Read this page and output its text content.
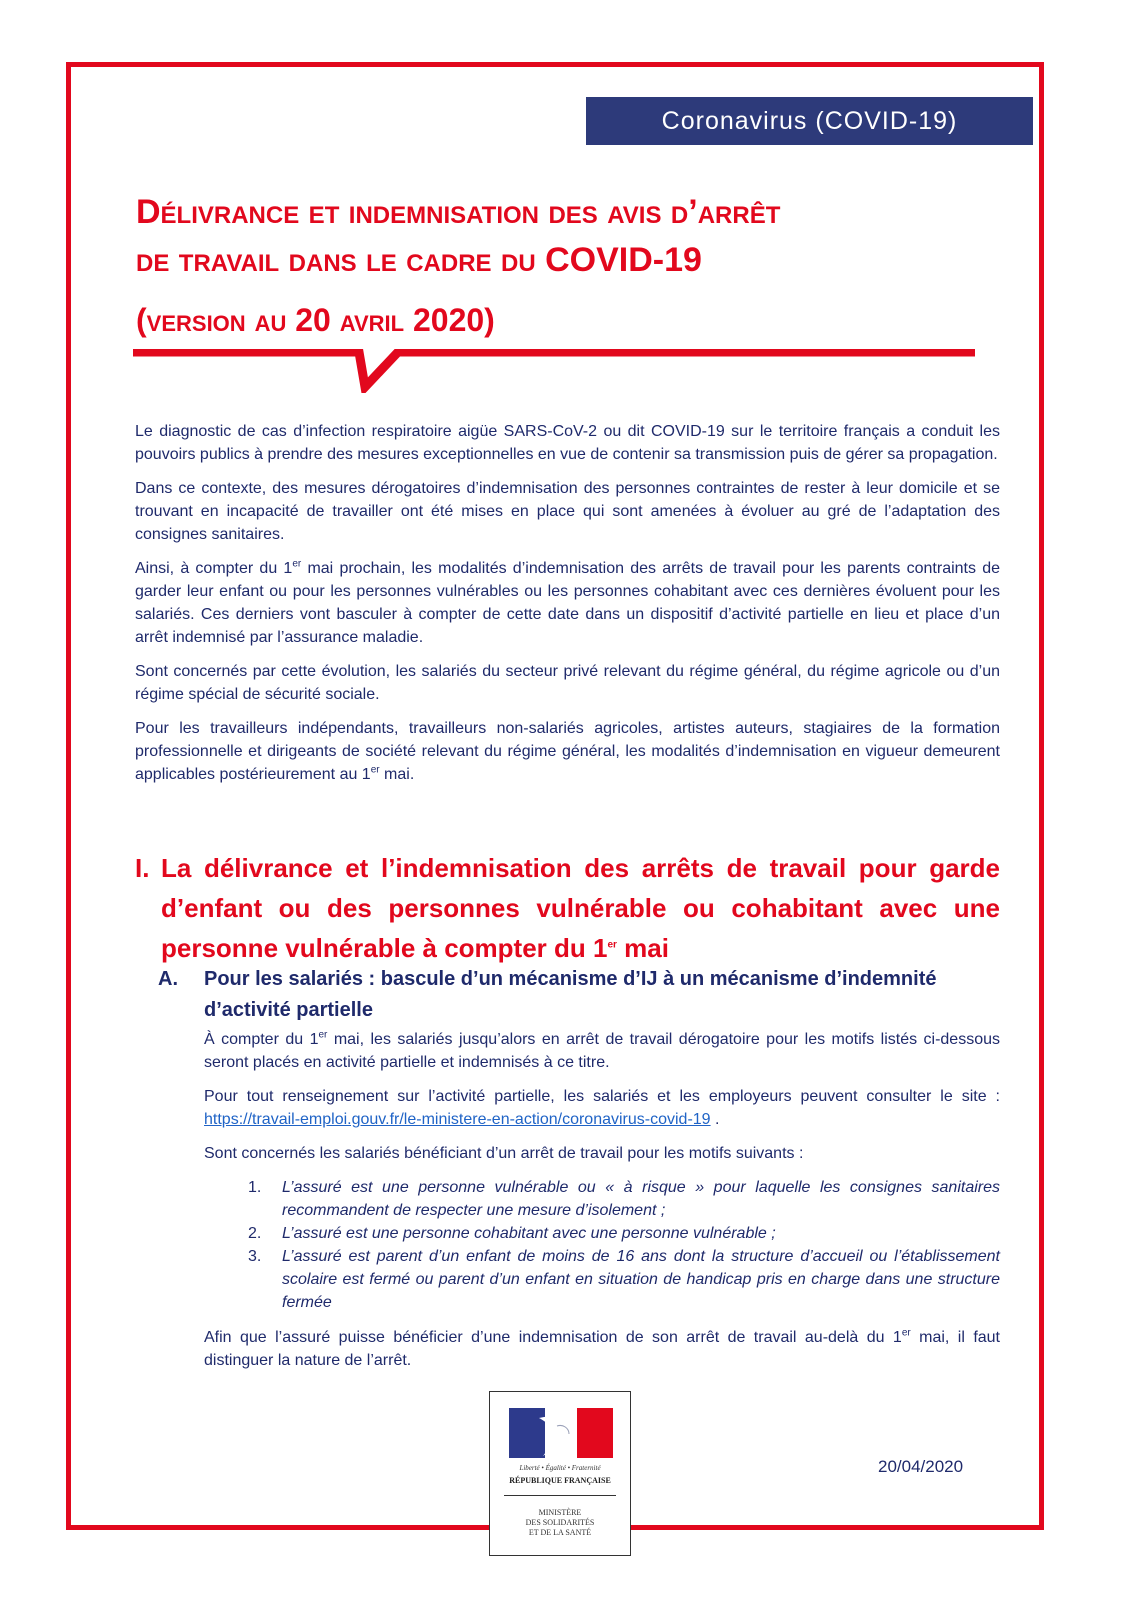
Coronavirus (COVID-19)
Délivrance et indemnisation des avis d’arrêt
de travail dans le cadre du COVID-19
(version au 20 avril 2020)

Le diagnostic de cas d’infection respiratoire aigüe SARS-CoV-2 ou dit COVID-19 sur le territoire français a conduit les pouvoirs publics à prendre des mesures exceptionnelles en vue de contenir sa transmission puis de gérer sa propagation.

Dans ce contexte, des mesures dérogatoires d’indemnisation des personnes contraintes de rester à leur domicile et se trouvant en incapacité de travailler ont été mises en place qui sont amenées à évoluer au gré de l’adaptation des consignes sanitaires.

Ainsi, à compter du 1er mai prochain, les modalités d’indemnisation des arrêts de travail pour les parents contraints de garder leur enfant ou pour les personnes vulnérables ou les personnes cohabitant avec ces dernières évoluent pour les salariés. Ces derniers vont basculer à compter de cette date dans un dispositif d’activité partielle en lieu et place d’un arrêt indemnisé par l’assurance maladie.

Sont concernés par cette évolution, les salariés du secteur privé relevant du régime général, du régime agricole ou d’un régime spécial de sécurité sociale.

Pour les travailleurs indépendants, travailleurs non-salariés agricoles, artistes auteurs, stagiaires de la formation professionnelle et dirigeants de société relevant du régime général, les modalités d’indemnisation en vigueur demeurent applicables postérieurement au 1er mai.

I. La délivrance et l’indemnisation des arrêts de travail pour garde d’enfant ou des personnes vulnérable ou cohabitant avec une personne vulnérable à compter du 1er mai
A.	Pour les salariés : bascule d’un mécanisme d’IJ à un mécanisme d’indemnité d’activité partielle

À compter du 1er mai, les salariés jusqu’alors en arrêt de travail dérogatoire pour les motifs listés ci-dessous seront placés en activité partielle et indemnisés à ce titre.

Pour tout renseignement sur l’activité partielle, les salariés et les employeurs peuvent consulter le site : https://travail-emploi.gouv.fr/le-ministere-en-action/coronavirus-covid-19 .

Sont concernés les salariés bénéficiant d’un arrêt de travail pour les motifs suivants :

1. L’assuré est une personne vulnérable ou « à risque » pour laquelle les consignes sanitaires recommandent de respecter une mesure d’isolement ;
2. L’assuré est une personne cohabitant avec une personne vulnérable ;
3. L’assuré est parent d’un enfant de moins de 16 ans dont la structure d’accueil ou l’établissement scolaire est fermé ou parent d’un enfant en situation de handicap pris en charge dans une structure fermée

Afin que l’assuré puisse bénéficier d’une indemnisation de son arrêt de travail au-delà du 1er mai, il faut distinguer la nature de l’arrêt.

Liberté • Égalité • Fraternité
RÉPUBLIQUE FRANÇAISE
MINISTÈRE
DES SOLIDARITÉS
ET DE LA SANTÉ
20/04/2020
